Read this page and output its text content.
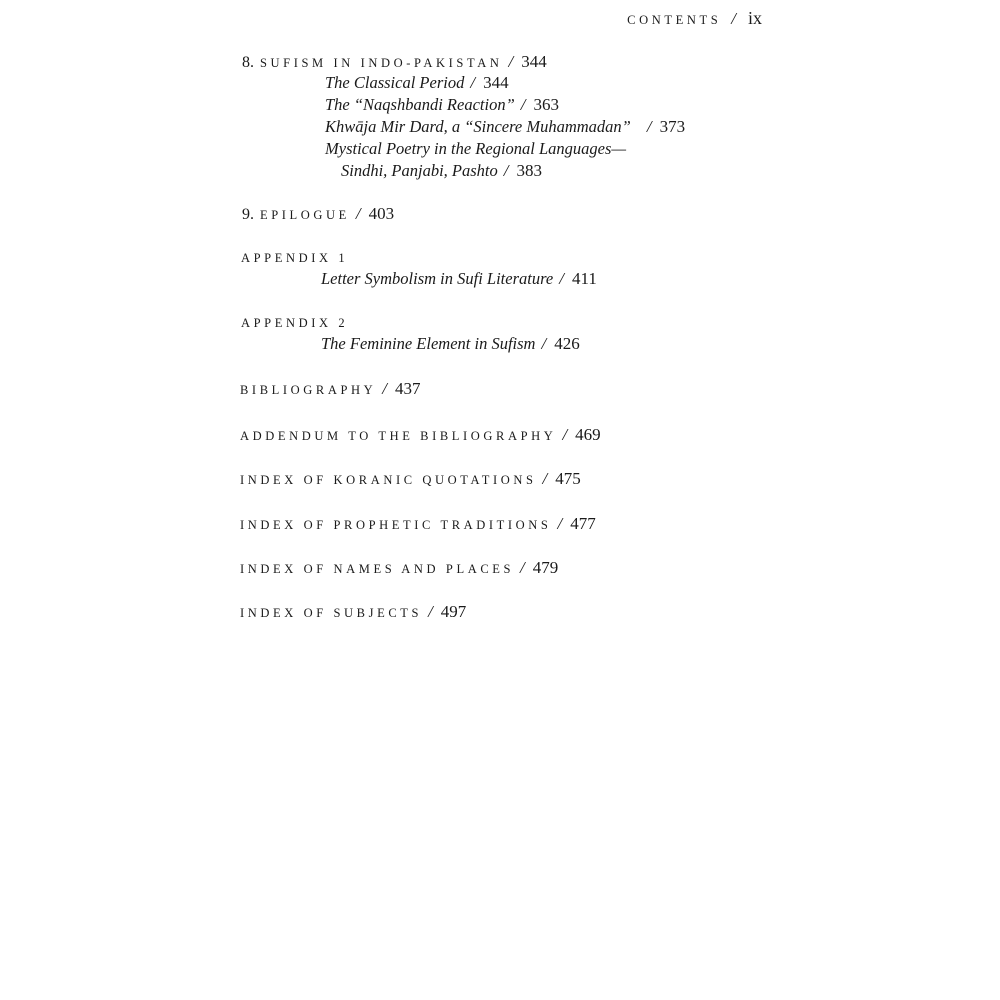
CONTENTS / ix
8. SUFISM IN INDO-PAKISTAN / 344
The Classical Period / 344
The “Naqshbandi Reaction” / 363
Khwāja Mir Dard, a “Sincere Muhammadan” / 373
Mystical Poetry in the Regional Languages—
Sindhi, Panjabi, Pashto / 383
9. EPILOGUE / 403
APPENDIX 1
Letter Symbolism in Sufi Literature / 411
APPENDIX 2
The Feminine Element in Sufism / 426
BIBLIOGRAPHY / 437
ADDENDUM TO THE BIBLIOGRAPHY / 469
INDEX OF KORANIC QUOTATIONS / 475
INDEX OF PROPHETIC TRADITIONS / 477
INDEX OF NAMES AND PLACES / 479
INDEX OF SUBJECTS / 497
